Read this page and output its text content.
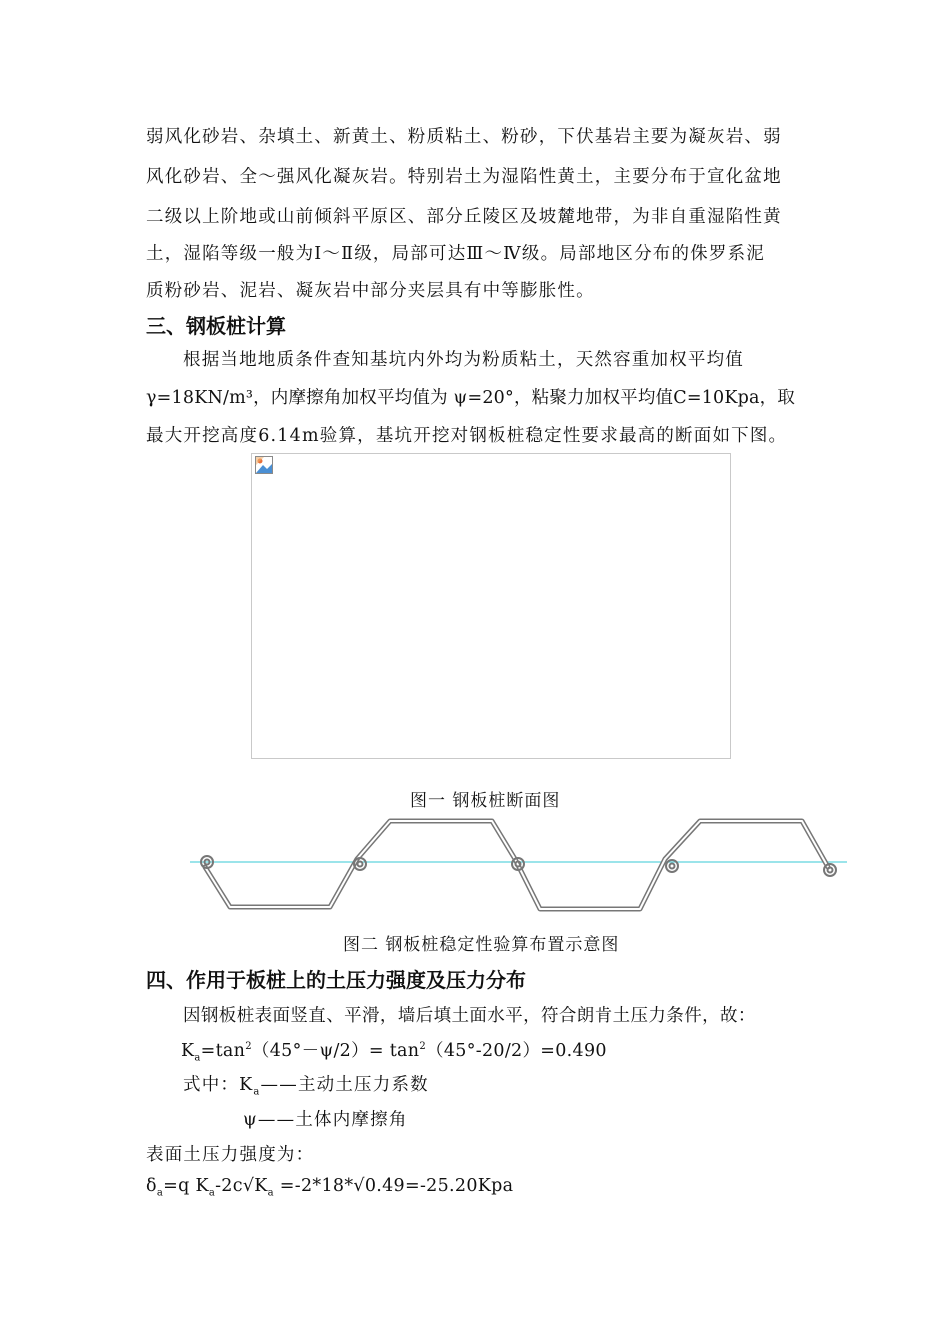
弱风化砂岩、杂填土、新黄土、粉质粘土、粉砂，下伏基岩主要为凝灰岩、弱
风化砂岩、全～强风化凝灰岩。特别岩土为湿陷性黄土，主要分布于宣化盆地
二级以上阶地或山前倾斜平原区、部分丘陵区及坡麓地带，为非自重湿陷性黄
土，湿陷等级一般为Ⅰ～Ⅱ级，局部可达Ⅲ～Ⅳ级。局部地区分布的侏罗系泥
质粉砂岩、泥岩、凝灰岩中部分夹层具有中等膨胀性。
三、钢板桩计算
根据当地地质条件查知基坑内外均为粉质粘土，天然容重加权平均值
γ=18KN/m³，内摩擦角加权平均值为 ψ=20°，粘聚力加权平均值C=10Kpa，取
最大开挖高度6.14m验算，基坑开挖对钢板桩稳定性要求最高的断面如下图。
图一 钢板桩断面图
图二 钢板桩稳定性验算布置示意图
四、作用于板桩上的土压力强度及压力分布
因钢板桩表面竖直、平滑，墙后填土面水平，符合朗肯土压力条件，故：
$K_a=\tan^2(45^\circ-\psi/2)= \tan^2(45^\circ-20/2)=0.490$
式中：$K_a——$主动土压力系数
ψ——土体内摩擦角
表面土压力强度为：
$\delta_a=q$ $K_a-2c√K_a =-2*18*√0.49=-25.20Kpa$
